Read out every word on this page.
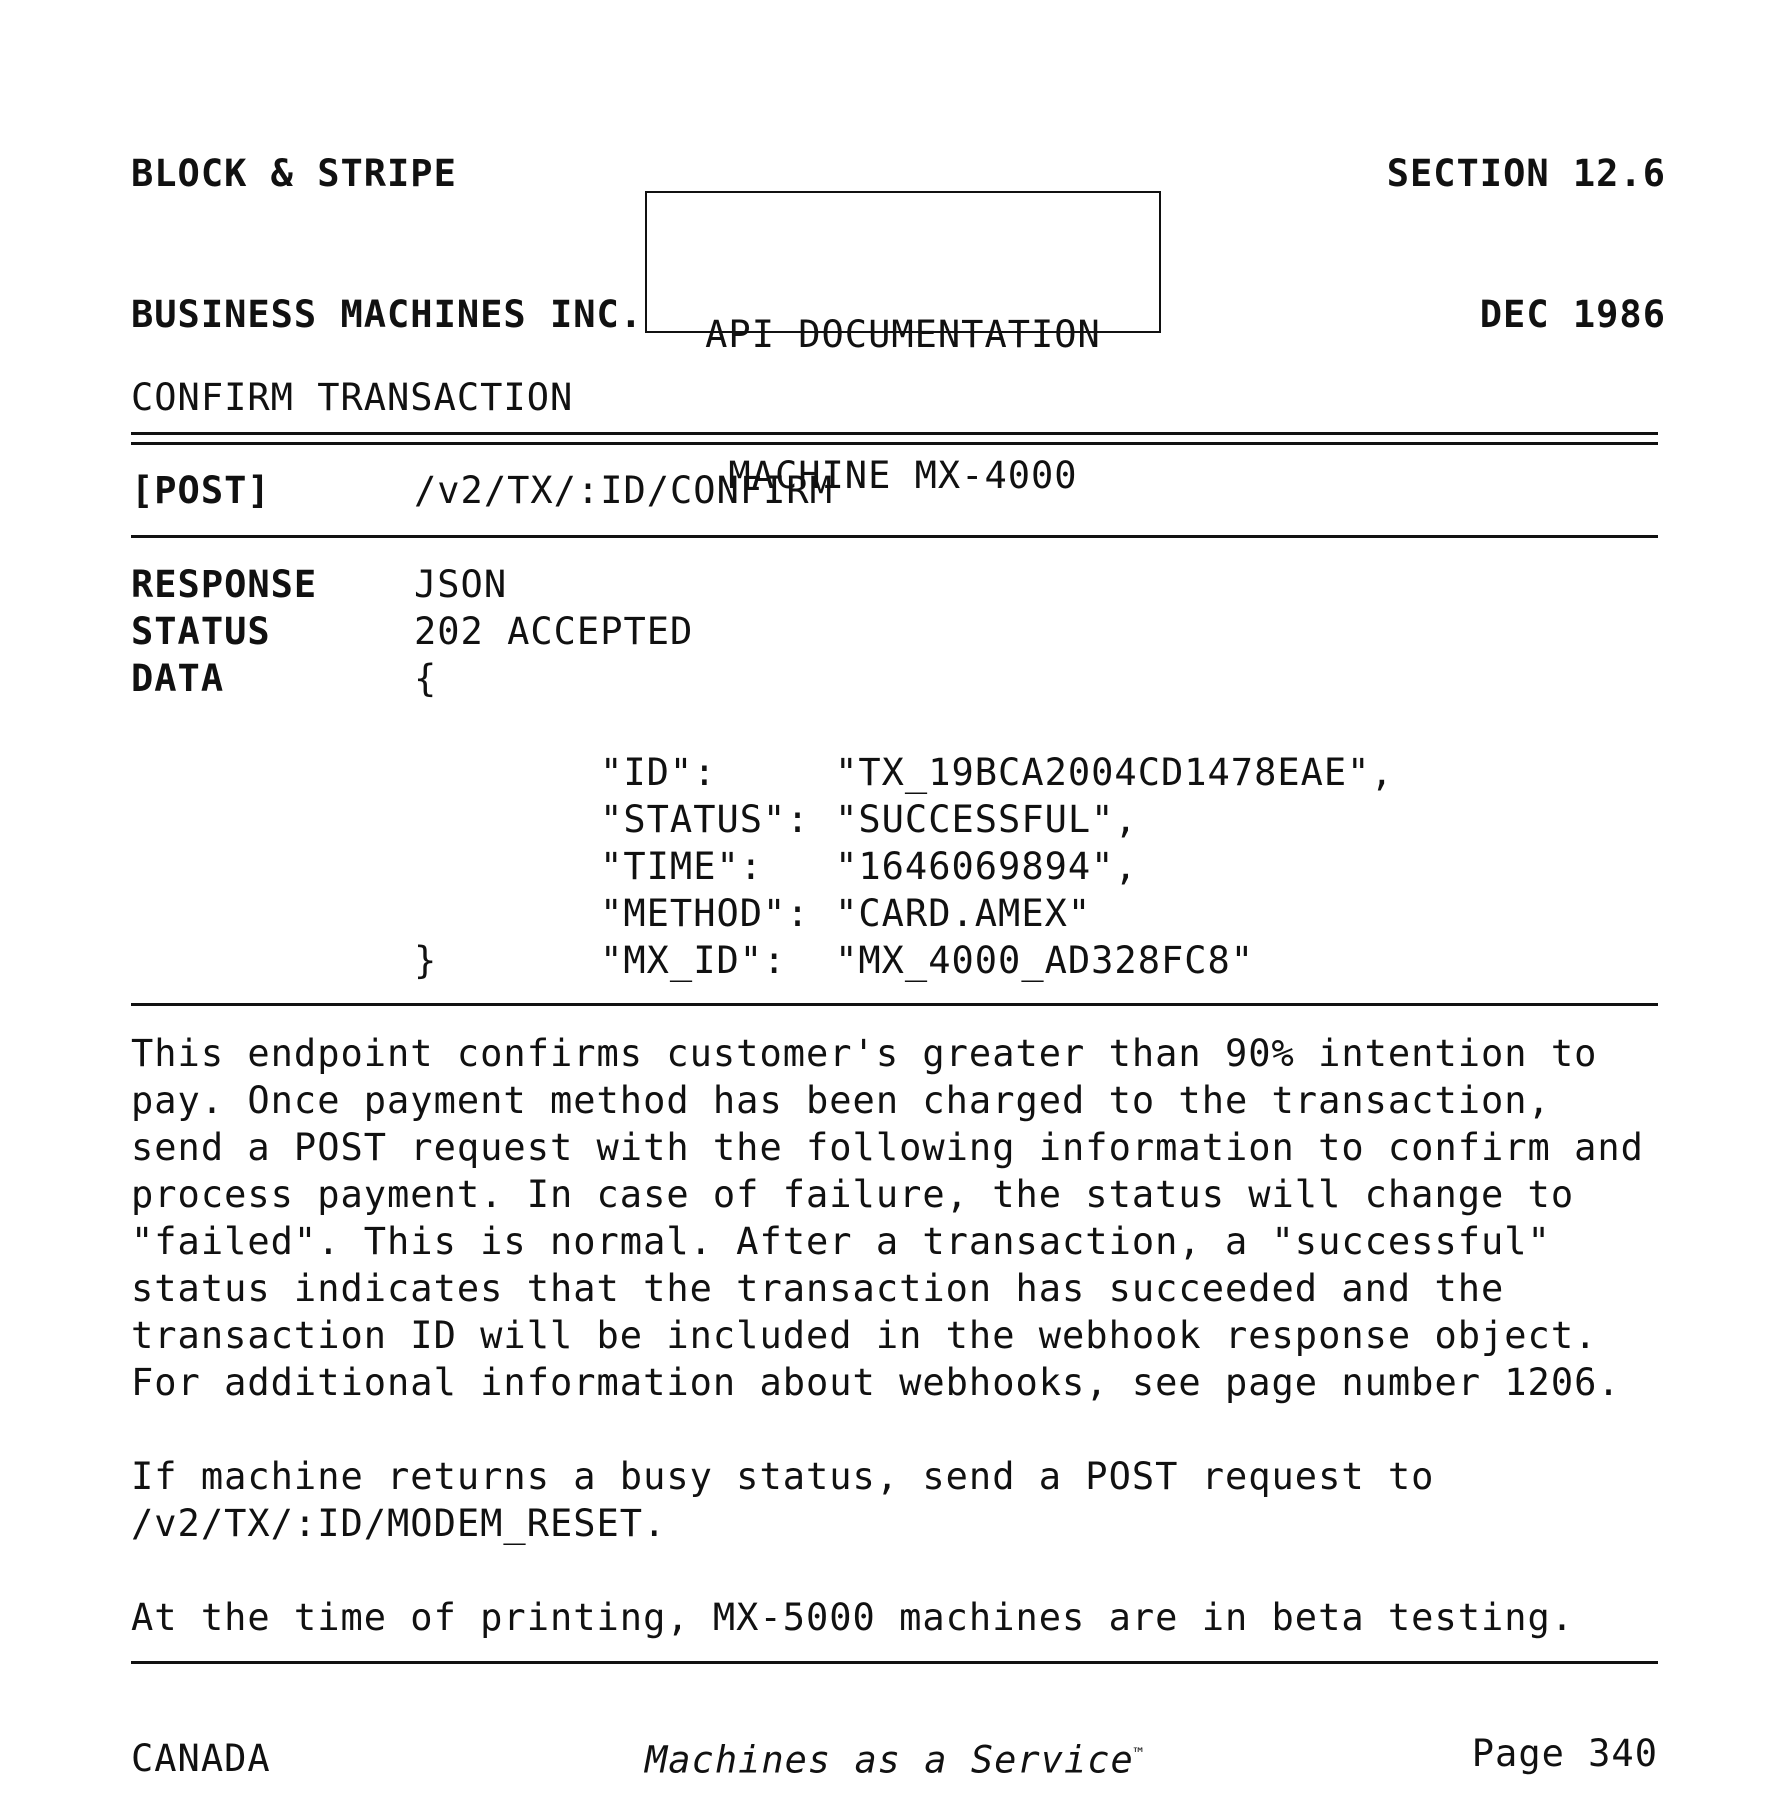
BLOCK & STRIPE

BUSINESS MACHINES INC.

SECTION 12.6

DEC 1986

API DOCUMENTATION

MACHINE MX-4000

CONFIRM TRANSACTION
[POST]	/v2/TX/:ID/CONFIRM
RESPONSE	JSON
STATUS	202 ACCEPTED
DATA	{

"ID":	"TX_19BCA2004CD1478EAE",

"STATUS": "SUCCESSFUL",

"TIME": "1646069894",

"METHOD": "CARD.AMEX"

"MX_ID": "MX_4000_AD328FC8"

}
This endpoint confirms customer's greater than 90% intention to
pay. Once payment method has been charged to the transaction,
send a POST request with the following information to confirm and
process payment. In case of failure, the status will change to
"failed". This is normal. After a transaction, a "successful"
status indicates that the transaction has succeeded and the
transaction ID will be included in the webhook response object.
For additional information about webhooks, see page number 1206.
If machine returns a busy status, send a POST request to
/v2/TX/:ID/MODEM_RESET.
At the time of printing, MX-5000 machines are in beta testing.
CANADA	Machines as a Service™	Page 340
